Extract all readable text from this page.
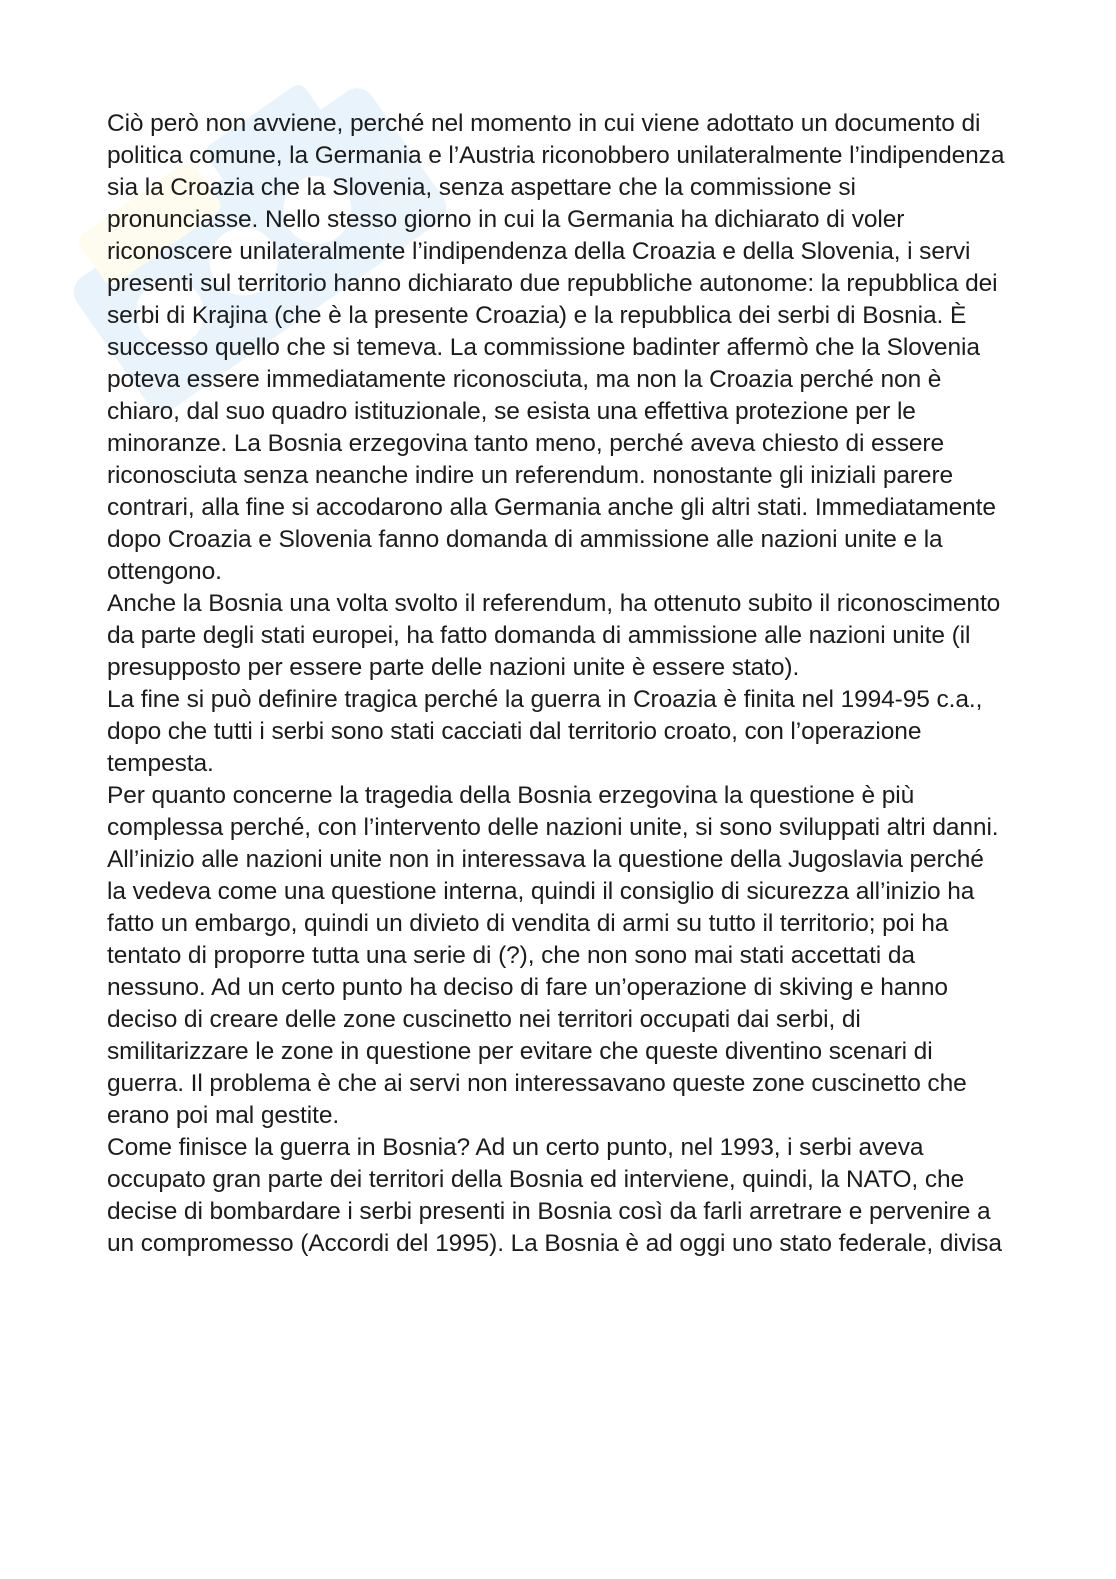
Ciò però non avviene, perché nel momento in cui viene adottato un documento di politica comune, la Germania e l’Austria riconobbero unilateralmente l’indipendenza sia la Croazia che la Slovenia, senza aspettare che la commissione si pronunciasse. Nello stesso giorno in cui la Germania ha dichiarato di voler riconoscere unilateralmente l’indipendenza della Croazia e della Slovenia, i servi presenti sul territorio hanno dichiarato due repubbliche autonome: la repubblica dei serbi di Krajina (che è la presente Croazia) e la repubblica dei serbi di Bosnia. È successo quello che si temeva. La commissione badinter affermò che la Slovenia poteva essere immediatamente riconosciuta, ma non la Croazia perché non è chiaro, dal suo quadro istituzionale, se esista una effettiva protezione per le minoranze. La Bosnia erzegovina tanto meno, perché aveva chiesto di essere riconosciuta senza neanche indire un referendum. nonostante gli iniziali parere contrari, alla fine si accodarono alla Germania anche gli altri stati. Immediatamente dopo Croazia e Slovenia fanno domanda di ammissione alle nazioni unite e la ottengono.

Anche la Bosnia una volta svolto il referendum, ha ottenuto subito il riconoscimento da parte degli stati europei, ha fatto domanda di ammissione alle nazioni unite (il presupposto per essere parte delle nazioni unite è essere stato).

La fine si può definire tragica perché la guerra in Croazia è finita nel 1994-95 c.a., dopo che tutti i serbi sono stati cacciati dal territorio croato, con l’operazione tempesta.

Per quanto concerne la tragedia della Bosnia erzegovina la questione è più complessa perché, con l’intervento delle nazioni unite, si sono sviluppati altri danni. All’inizio alle nazioni unite non in interessava la questione della Jugoslavia perché la vedeva come una questione interna, quindi il consiglio di sicurezza all’inizio ha fatto un embargo, quindi un divieto di vendita di armi su tutto il territorio; poi ha tentato di proporre tutta una serie di (?), che non sono mai stati accettati da nessuno. Ad un certo punto ha deciso di fare un’operazione di skiving e hanno deciso di creare delle zone cuscinetto nei territori occupati dai serbi, di smilitarizzare le zone in questione per evitare che queste diventino scenari di guerra. Il problema è che ai servi non interessavano queste zone cuscinetto che erano poi mal gestite.

Come finisce la guerra in Bosnia? Ad un certo punto, nel 1993, i serbi aveva occupato gran parte dei territori della Bosnia ed interviene, quindi, la NATO, che decise di bombardare i serbi presenti in Bosnia così da farli arretrare e pervenire a un compromesso (Accordi del 1995). La Bosnia è ad oggi uno stato federale, divisa
